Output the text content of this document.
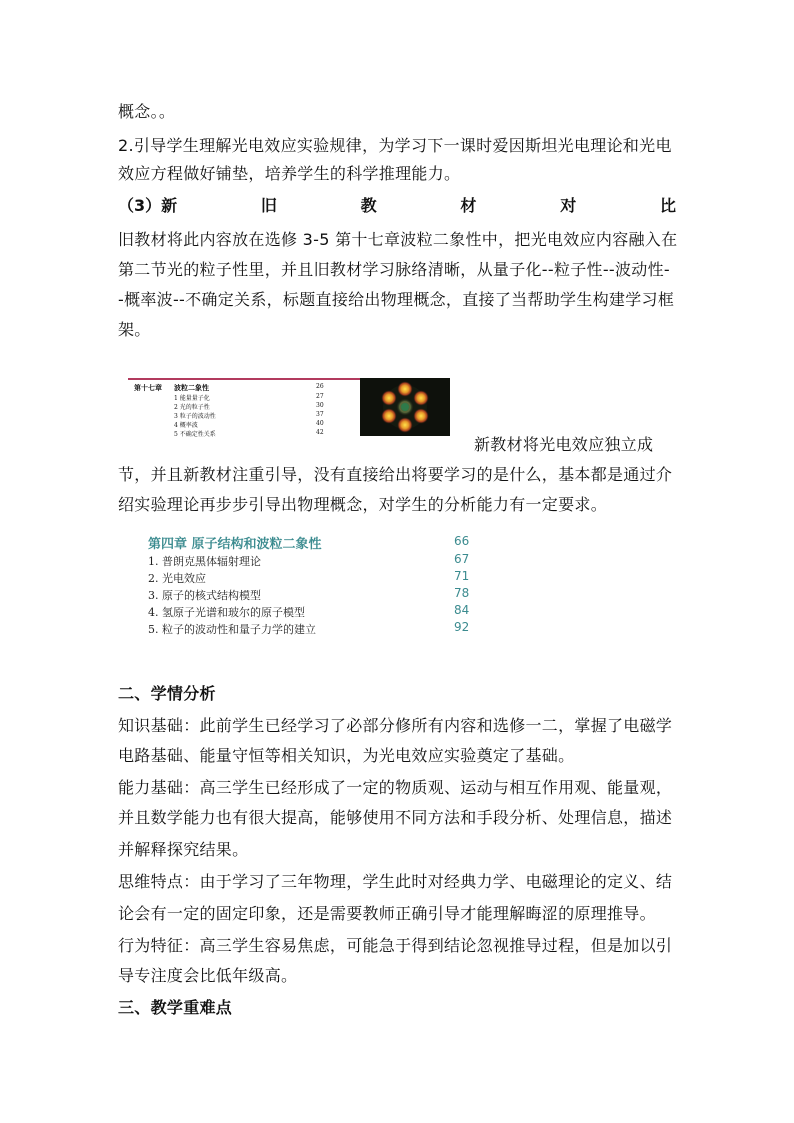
概念。。
2.引导学生理解光电效应实验规律，为学习下一课时爱因斯坦光电理论和光电
效应方程做好铺垫，培养学生的科学推理能力。
（3）新	旧	教	材	对	比
旧教材将此内容放在选修 3-5 第十七章波粒二象性中，把光电效应内容融入在
第二节光的粒子性里，并且旧教材学习脉络清晰，从量子化--粒子性--波动性-
-概率波--不确定关系，标题直接给出物理概念，直接了当帮助学生构建学习框
架。
第十七章 波粒二象性	26
1 能量量子化	27
2 光的粒子性	30
3 粒子的波动性	37
4 概率波	40
5 不确定性关系	42
新教材将光电效应独立成
节，并且新教材注重引导，没有直接给出将要学习的是什么，基本都是通过介
绍实验理论再步步引导出物理概念，对学生的分析能力有一定要求。
第四章 原子结构和波粒二象性	66
1. 普朗克黑体辐射理论	67
2. 光电效应	71
3. 原子的核式结构模型	78
4. 氢原子光谱和玻尔的原子模型	84
5. 粒子的波动性和量子力学的建立	92
二、学情分析
知识基础：此前学生已经学习了必部分修所有内容和选修一二，掌握了电磁学
电路基础、能量守恒等相关知识，为光电效应实验奠定了基础。
能力基础：高三学生已经形成了一定的物质观、运动与相互作用观、能量观，
并且数学能力也有很大提高，能够使用不同方法和手段分析、处理信息，描述
并解释探究结果。
思维特点：由于学习了三年物理，学生此时对经典力学、电磁理论的定义、结
论会有一定的固定印象，还是需要教师正确引导才能理解晦涩的原理推导。
行为特征：高三学生容易焦虑，可能急于得到结论忽视推导过程，但是加以引
导专注度会比低年级高。
三、教学重难点
